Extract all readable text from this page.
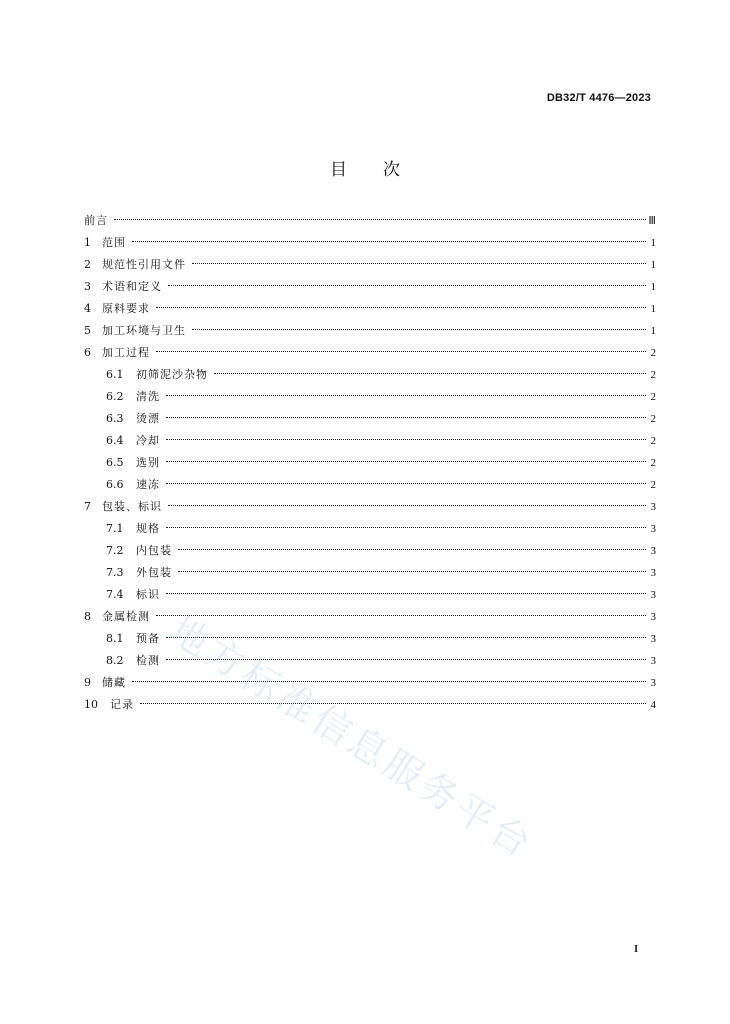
DB32/T 4476—2023
目次
前言	Ⅲ
1	范围	1
2	规范性引用文件	1
3	术语和定义	1
4	原料要求	1
5	加工环境与卫生	1
6	加工过程	2
6.1	初筛泥沙杂物	2
6.2	清洗	2
6.3	烫漂	2
6.4	冷却	2
6.5	选别	2
6.6	速冻	2
7	包装、标识	3
7.1	规格	3
7.2	内包装	3
7.3	外包装	3
7.4	标识	3
8	金属检测	3
8.1	预备	3
8.2	检测	3
9	储藏	3
10	记录	4
地方标准信息服务平台
I
